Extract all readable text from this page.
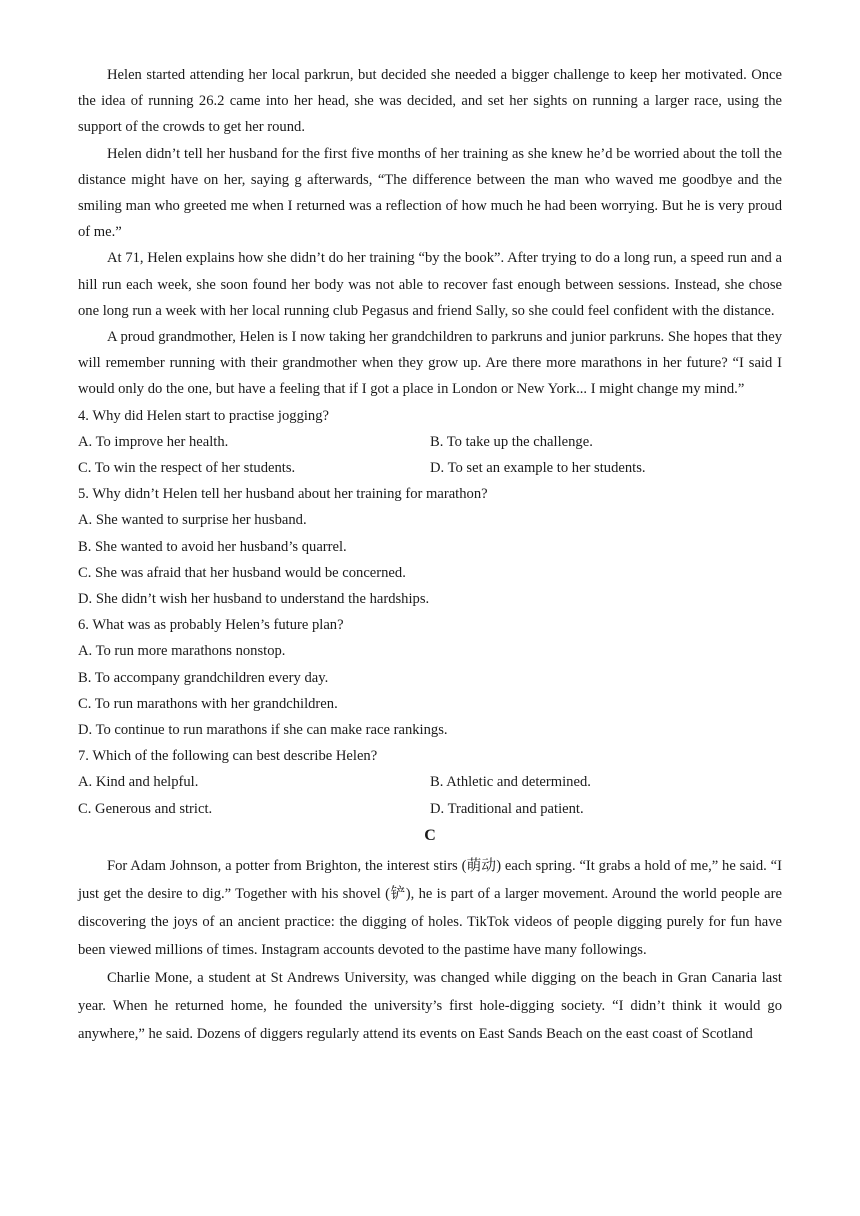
Helen started attending her local parkrun, but decided she needed a bigger challenge to keep her motivated. Once the idea of running 26.2 came into her head, she was decided, and set her sights on running a larger race, using the support of the crowds to get her round.

Helen didn’t tell her husband for the first five months of her training as she knew he’d be worried about the toll the distance might have on her, saying g afterwards, “The difference between the man who waved me goodbye and the smiling man who greeted me when I returned was a reflection of how much he had been worrying. But he is very proud of me.”

At 71, Helen explains how she didn’t do her training “by the book”. After trying to do a long run, a speed run and a hill run each week, she soon found her body was not able to recover fast enough between sessions. Instead, she chose one long run a week with her local running club Pegasus and friend Sally, so she could feel confident with the distance.

A proud grandmother, Helen is I now taking her grandchildren to parkruns and junior parkruns. She hopes that they will remember running with their grandmother when they grow up. Are there more marathons in her future? “I said I would only do the one, but have a feeling that if I got a place in London or New York... I might change my mind.”

4. Why did Helen start to practise jogging?

A. To improve her health.	B. To take up the challenge.

C. To win the respect of her students.	D. To set an example to her students.

5. Why didn’t Helen tell her husband about her training for marathon?

A. She wanted to surprise her husband.

B. She wanted to avoid her husband’s quarrel.

C. She was afraid that her husband would be concerned.

D. She didn’t wish her husband to understand the hardships.

6. What was as probably Helen’s future plan?

A. To run more marathons nonstop.

B. To accompany grandchildren every day.

C. To run marathons with her grandchildren.

D. To continue to run marathons if she can make race rankings.

7. Which of the following can best describe Helen?

A. Kind and helpful.	B. Athletic and determined.

C. Generous and strict.	D. Traditional and patient.

C

For Adam Johnson, a potter from Brighton, the interest stirs (萌动) each spring. “It grabs a hold of me,” he said. “I just get the desire to dig.” Together with his shovel (铲), he is part of a larger movement. Around the world people are discovering the joys of an ancient practice: the digging of holes. TikTok videos of people digging purely for fun have been viewed millions of times. Instagram accounts devoted to the pastime have many followings.

Charlie Mone, a student at St Andrews University, was changed while digging on the beach in Gran Canaria last year. When he returned home, he founded the university’s first hole-digging society. “I didn’t think it would go anywhere,” he said. Dozens of diggers regularly attend its events on East Sands Beach on the east coast of Scotland
